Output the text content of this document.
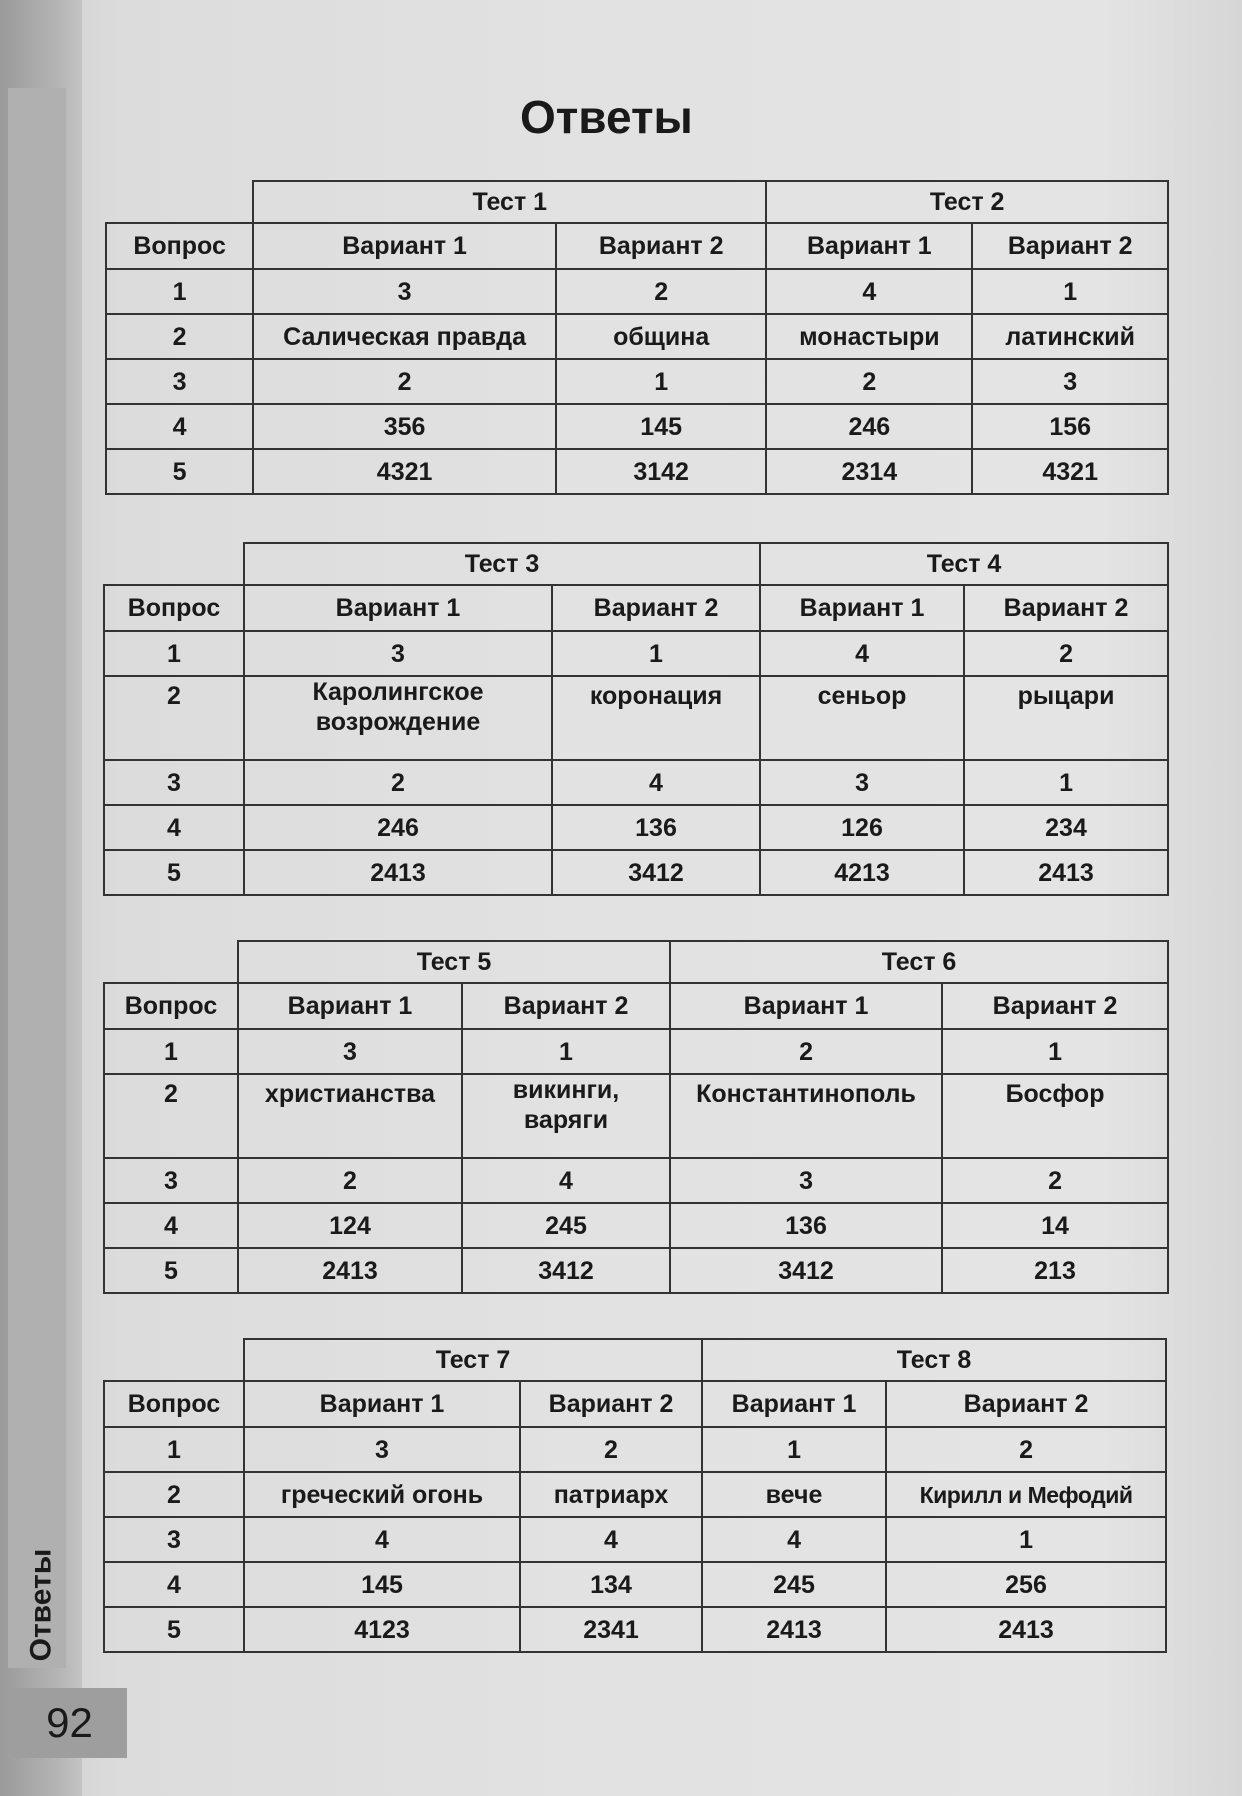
Ответы
92
Ответы
	Тест 1		Тест 2	
Вопрос	Вариант 1	Вариант 2	Вариант 1	Вариант 2
1	3	2	4	1
2	Салическая правда	община	монастыри	латинский
3	2	1	2	3
4	356	145	246	156
5	4321	3142	2314	4321
	Тест 3		Тест 4	
Вопрос	Вариант 1	Вариант 2	Вариант 1	Вариант 2
1	3	1	4	2
2	Каролингское возрождение	коронация	сеньор	рыцари
3	2	4	3	1
4	246	136	126	234
5	2413	3412	4213	2413
	Тест 5		Тест 6	
Вопрос	Вариант 1	Вариант 2	Вариант 1	Вариант 2
1	3	1	2	1
2	христианства	викинги, варяги	Константинополь	Босфор
3	2	4	3	2
4	124	245	136	14
5	2413	3412	3412	213
	Тест 7		Тест 8	
Вопрос	Вариант 1	Вариант 2	Вариант 1	Вариант 2
1	3	2	1	2
2	греческий огонь	патриарх	вече	Кирилл и Мефодий
3	4	4	4	1
4	145	134	245	256
5	4123	2341	2413	2413
